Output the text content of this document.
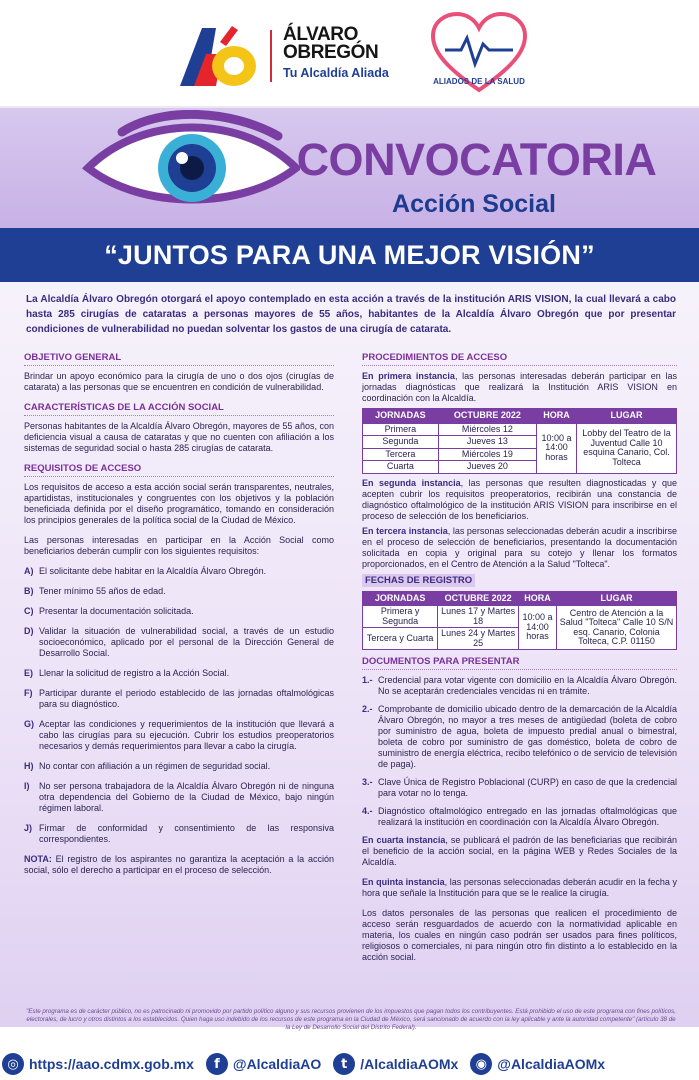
ÁLVARO
OBREGÓN
Tu Alcaldía Aliada
ALIADOS DE LA SALUD
CONVOCATORIA
Acción Social
“JUNTOS PARA UNA MEJOR VISIÓN”
La Alcaldía Álvaro Obregón otorgará el apoyo contemplado en esta acción a través de la institución ARIS VISION, la cual llevará a cabo hasta 285 cirugías de cataratas a personas mayores de 55 años, habitantes de la Alcaldía Álvaro Obregón que por presentar condiciones de vulnerabilidad no puedan solventar los gastos de una cirugía de catarata.
OBJETIVO GENERAL
Brindar un apoyo económico para la cirugía de uno o dos ojos (cirugías de catarata) a las personas que se encuentren en condición de vulnerabilidad.
CARACTERÍSTICAS DE LA ACCIÓN SOCIAL
Personas habitantes de la Alcaldía Álvaro Obregón, mayores de 55 años, con deficiencia visual a causa de cataratas y que no cuenten con afiliación a los sistemas de seguridad social o hasta 285 cirugías de catarata.
REQUISITOS DE ACCESO
Los requisitos de acceso a esta acción social serán transparentes, neutrales, apartidistas, institucionales y congruentes con los objetivos y la población beneficiada definida por el diseño programático, tomando en consideración los principios generales de la política social de la Ciudad de México.
Las personas interesadas en participar en la Acción Social como beneficiarios deberán cumplir con los siguientes requisitos:
A) El solicitante debe habitar en la Alcaldía Álvaro Obregón.
B) Tener mínimo 55 años de edad.
C) Presentar la documentación solicitada.
D) Validar la situación de vulnerabilidad social, a través de un estudio socioeconómico, aplicado por el personal de la Dirección General de Desarrollo Social.
E) Llenar la solicitud de registro a la Acción Social.
F) Participar durante el periodo establecido de las jornadas oftalmológicas para su diagnóstico.
G) Aceptar las condiciones y requerimientos de la institución que llevará a cabo las cirugías para su ejecución. Cubrir los estudios preoperatorios necesarios y demás requerimientos para llevar a cabo la cirugía.
H) No contar con afiliación a un régimen de seguridad social.
I)	No ser persona trabajadora de la Alcaldía Álvaro Obregón ni de ninguna otra dependencia del Gobierno de la Ciudad de México, bajo ningún régimen laboral.
J) Firmar de conformidad y consentimiento de las responsiva correspondientes.
NOTA: El registro de los aspirantes no garantiza la aceptación a la acción social, sólo el derecho a participar en el proceso de selección.
PROCEDIMIENTOS DE ACCESO
En primera instancia, las personas interesadas deberán participar en las jornadas diagnósticas que realizará la Institución ARIS VISION en coordinación con la Alcaldía.
JORNADAS	OCTUBRE 2022	HORA	LUGAR
Primera	Miércoles 12	10:00 a 14:00 horas	Lobby del Teatro de la Juventud Calle 10 esquina Canario, Col. Tolteca
Segunda	Jueves 13		
Tercera	Miércoles 19		
Cuarta	Jueves 20		
En segunda instancia, las personas que resulten diagnosticadas y que acepten cubrir los requisitos preoperatorios, recibirán una constancia de diagnóstico oftalmológico de la institución ARIS VISION para inscribirse en el proceso de selección de los beneficiarios.
En tercera instancia, las personas seleccionadas deberán acudir a inscribirse en el proceso de selección de beneficiarios, presentando la documentación solicitada en copia y original para su cotejo y llenar los formatos proporcionados, en el Centro de Atención a la Salud "Tolteca".
FECHAS DE REGISTRO
JORNADAS	OCTUBRE 2022	HORA	LUGAR
Primera y Segunda	Lunes 17 y Martes 18	10:00 a 14:00 horas	Centro de Atención a la Salud "Tolteca" Calle 10 S/N esq. Canario, Colonia Tolteca, C.P. 01150
Tercera y Cuarta	Lunes 24 y Martes 25		
DOCUMENTOS PARA PRESENTAR
1.- Credencial para votar vigente con domicilio en la Alcaldía Álvaro Obregón. No se aceptarán credenciales vencidas ni en trámite.
2.- Comprobante de domicilio ubicado dentro de la demarcación de la Alcaldía Álvaro Obregón, no mayor a tres meses de antigüedad (boleta de cobro por suministro de agua, boleta de impuesto predial anual o bimestral, boleta de cobro por suministro de gas doméstico, boleta de cobro de suministro de energía eléctrica, recibo telefónico o de servicio de televisión de paga).
3.- Clave Única de Registro Poblacional (CURP) en caso de que la credencial para votar no lo tenga.
4.- Diagnóstico oftalmológico entregado en las jornadas oftalmológicas que realizará la institución en coordinación con la Alcaldía Álvaro Obregón.
En cuarta instancia, se publicará el padrón de las beneficiarias que recibirán el beneficio de la acción social, en la página WEB y Redes Sociales de la Alcaldía.
En quinta instancia, las personas seleccionadas deberán acudir en la fecha y hora que señale la Institución para que se le realice la cirugía.
Los datos personales de las personas que realicen el procedimiento de acceso serán resguardados de acuerdo con la normatividad aplicable en materia, los cuales en ningún caso podrán ser usados para fines políticos, religiosos o comerciales, ni para ningún otro fin distinto a lo establecido en la acción social.
"Este programa es de carácter público, no es patrocinado ni promovido por partido político alguno y sus recursos provienen de los impuestos que pagan todos los contribuyentes. Está prohibido el uso de este programa con fines políticos, electorales, de lucro y otros distintos a los establecidos. Quien haga uso indebido de los recursos de este programa en la Ciudad de México, será sancionado de acuerdo con la ley aplicable y ante la autoridad competente" (artículo 38 de la Ley de Desarrollo Social del Distrito Federal).
◎ https://aao.cdmx.gob.mx	f @AlcaldiaAO	t /AlcaldiaAOMx	◉ @AlcaldiaAOMx
